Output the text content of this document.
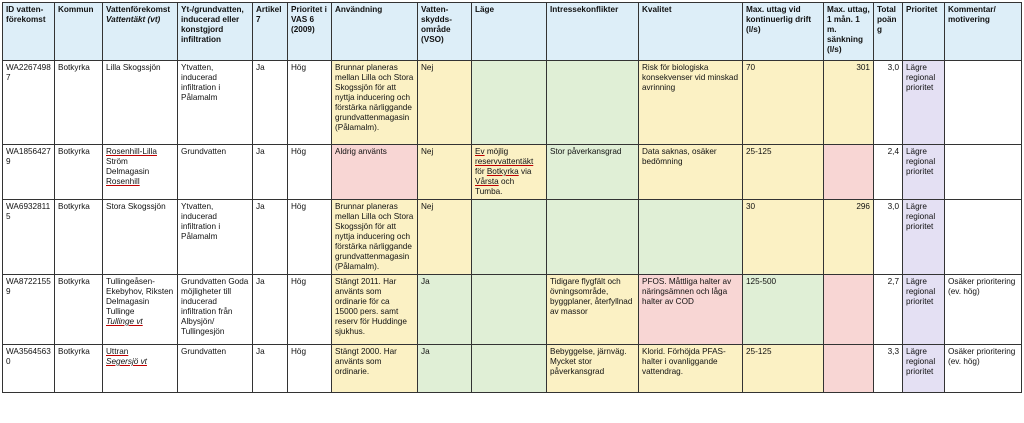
ID vatten-förekomst	Kommun	Vattenförekomst
Vattentäkt (vt)	Yt-/grundvatten, inducerad eller konstgjord infiltration	Artikel 7	Prioritet i VAS 6 (2009)	Användning	Vatten-skydds-område (VSO)	Läge	Intressekonflikter	Kvalitet	Max. uttag vid kontinuerlig drift (l/s)	Max. uttag, 1 mån. 1 m. sänkning (l/s)	Total poäng	Prioritet	Kommentar/ motivering
WA22674987	Botkyrka	Lilla Skogssjön	Ytvatten, inducerad infiltration i Pålamalm	Ja	Hög	Brunnar planeras mellan Lilla och Stora Skogssjön för att nyttja inducering och förstärka närliggande grundvattenmagasin (Pålamalm).	Nej			Risk för biologiska konsekvenser vid minskad avrinning	70	301	3,0	Lägre regional prioritet	
WA18564279	Botkyrka	Rosenhill-Lilla
Ström
Delmagasin
Rosenhill	Grundvatten	Ja	Hög	Aldrig använts	Nej	Ev möjlig reservvattentäkt för Botkyrka via Vårsta och Tumba.	Stor påverkansgrad	Data saknas, osäker bedömning	25-125		2,4	Lägre regional prioritet	
WA69328115	Botkyrka	Stora Skogssjön	Ytvatten, inducerad infiltration i Pålamalm	Ja	Hög	Brunnar planeras mellan Lilla och Stora Skogssjön för att nyttja inducering och förstärka närliggande grundvattenmagasin (Pålamalm).	Nej				30	296	3,0	Lägre regional prioritet	
WA87221559	Botkyrka	Tullingeåsen-Ekebyhov, Riksten
Delmagasin
Tullinge
Tullinge vt	Grundvatten Goda möjligheter till inducerad infiltration från Albysjön/ Tullingesjön	Ja	Hög	Stängt 2011. Har använts som ordinarie för ca 15000 pers. samt reserv för Huddinge sjukhus.	Ja		Tidigare flygfält och övningsområde, byggplaner, återfyllnad av massor	PFOS. Måttliga halter av näringsämnen och låga halter av COD	125-500		2,7	Lägre regional prioritet	Osäker prioritering (ev. hög)
WA35645630	Botkyrka	Uttran
Segersjö vt	Grundvatten	Ja	Hög	Stängt 2000. Har använts som ordinarie.	Ja		Bebyggelse, järnväg. Mycket stor påverkansgrad	Klorid. Förhöjda PFAS-halter i ovanliggande vattendrag.	25-125		3,3	Lägre regional prioritet	Osäker prioritering (ev. hög)
